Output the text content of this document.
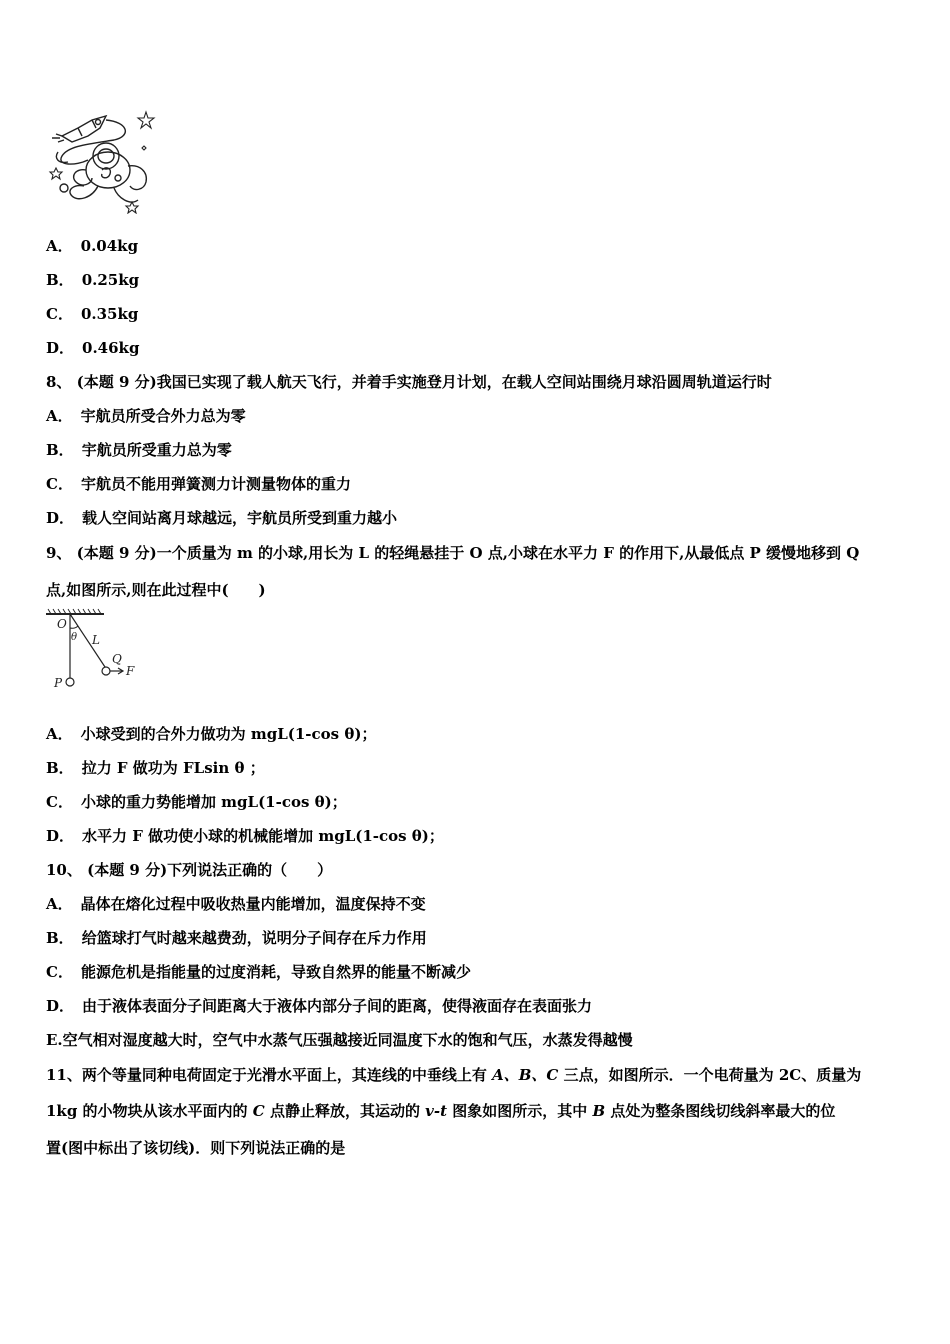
A． 0.04kg
B． 0.25kg
C． 0.35kg
D． 0.46kg
8、 (本题 9 分)我国已实现了载人航天飞行，并着手实施登月计划，在载人空间站围绕月球沿圆周轨道运行时
A． 宇航员所受合外力总为零
B． 宇航员所受重力总为零
C． 宇航员不能用弹簧测力计测量物体的重力
D． 载人空间站离月球越远，宇航员所受到重力越小
9、 (本题 9 分)一个质量为 m 的小球,用长为 L 的轻绳悬挂于 O 点,小球在水平力 F 的作用下,从最低点 P 缓慢地移到 Q
点,如图所示,则在此过程中(　　)
O
θ L
Q
F
P
A． 小球受到的合外力做功为 mgL(1-cos θ)；
B． 拉力 F 做功为 FLsin θ ；
C． 小球的重力势能增加 mgL(1-cos θ)；
D． 水平力 F 做功使小球的机械能增加 mgL(1-cos θ)；
10、 (本题 9 分)下列说法正确的（　　）
A． 晶体在熔化过程中吸收热量内能增加，温度保持不变
B． 给篮球打气时越来越费劲，说明分子间存在斥力作用
C． 能源危机是指能量的过度消耗，导致自然界的能量不断减少
D． 由于液体表面分子间距离大于液体内部分子间的距离，使得液面存在表面张力
E.空气相对湿度越大时，空气中水蒸气压强越接近同温度下水的饱和气压，水蒸发得越慢
11、两个等量同种电荷固定于光滑水平面上，其连线的中垂线上有 A、B、C 三点，如图所示．一个电荷量为 2C、质量为
1kg 的小物块从该水平面内的 C 点静止释放，其运动的 v-t 图象如图所示，其中 B 点处为整条图线切线斜率最大的位
置(图中标出了该切线)．则下列说法正确的是
